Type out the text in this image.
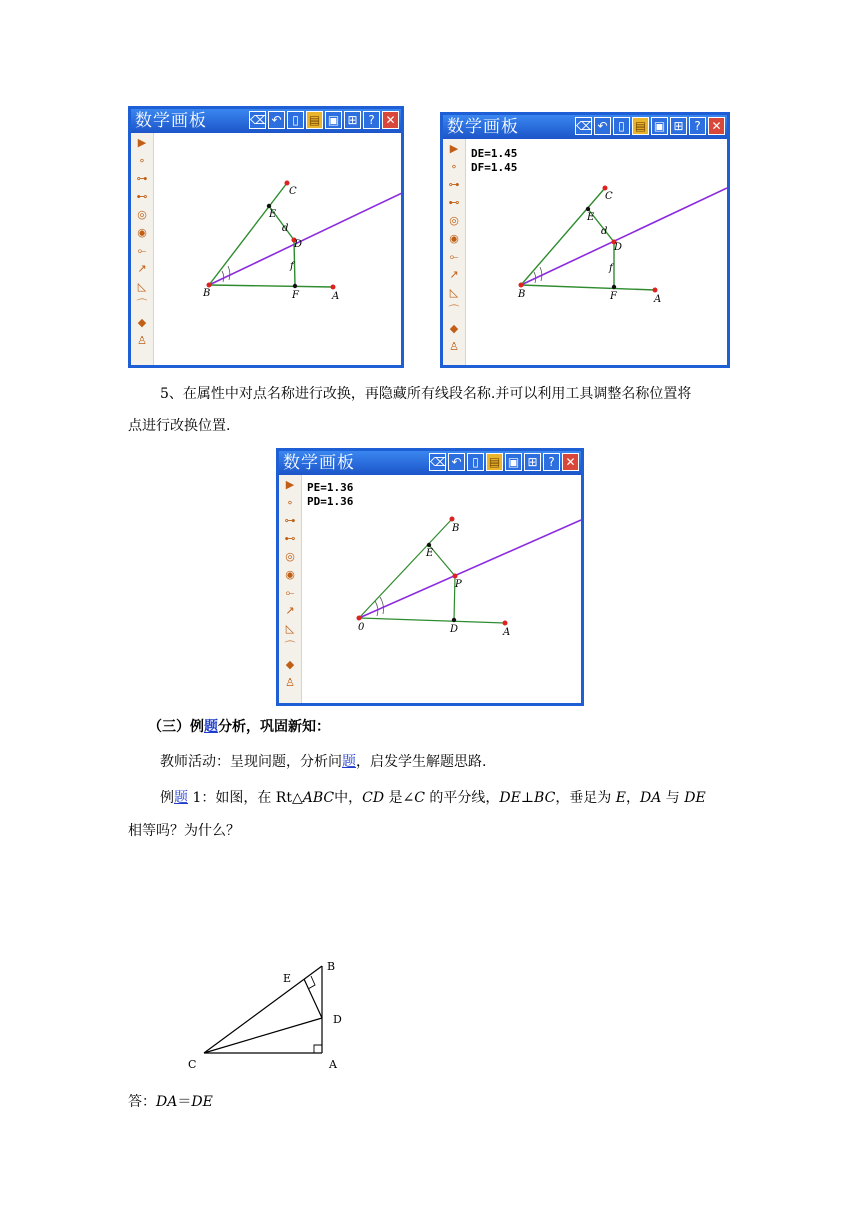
数学画板	⌫ ↶ ▯ ▤ ▣ ⊞ ? ✕
▶
∘
⊶
⊷
◎
◉
⟜
↗
◺
⌒
◆
♙
C
E
d
D
f
B	F	A
数学画板	⌫ ↶ ▯ ▤ ▣ ⊞ ? ✕
▶
∘
⊶
⊷
◎
◉
⟜
↗
◺
⌒
◆
♙
DE=1.45
DF=1.45
C
E
d
D
f
B	F	A
5、在属性中对点名称进行改换，再隐藏所有线段名称.并可以利用工具调整名称位置将
点进行改换位置.
数学画板	⌫ ↶ ▯ ▤ ▣ ⊞ ? ✕
▶
∘
⊶
⊷
◎
◉
⟜
↗
◺
⌒
◆
♙
PE=1.36
PD=1.36
B
E
P
0	D	A
（三）例题分析，巩固新知：
教师活动：呈现问题，分析问题，启发学生解题思路.
例题 1：如图，在 Rt△ABC中，CD 是∠C 的平分线，DE⊥BC，垂足为 E，DA 与 DE
相等吗？为什么？
E
B
D
C	A
答：DA＝DE
